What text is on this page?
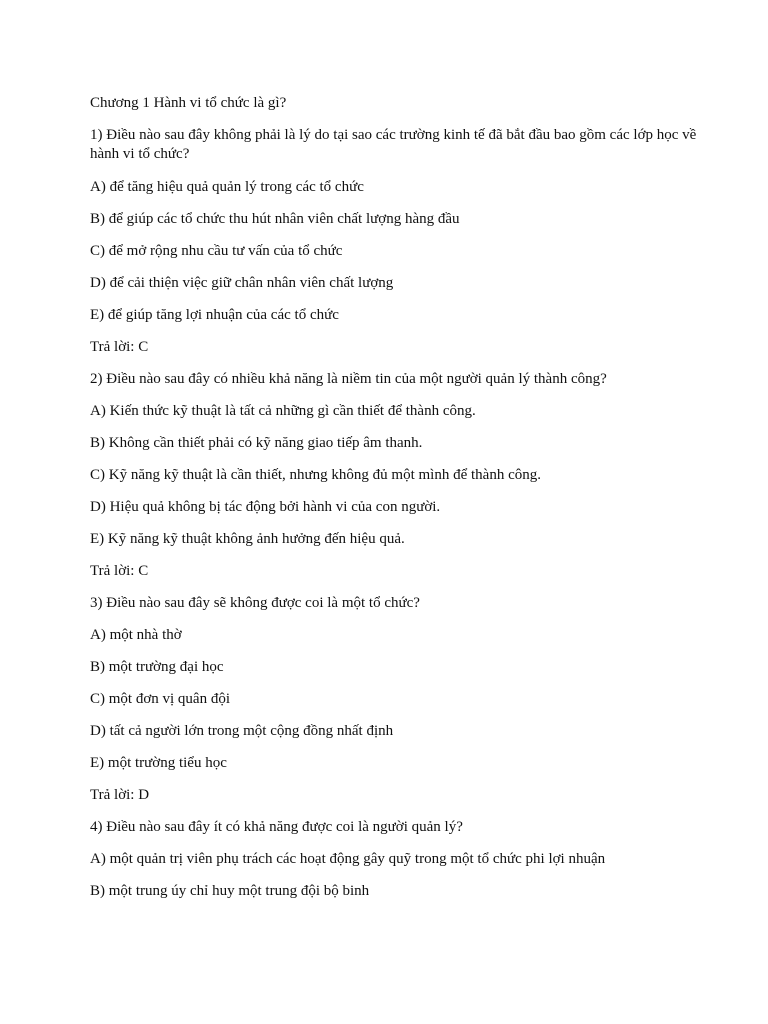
Chương 1 Hành vi tổ chức là gì?

1) Điều nào sau đây không phải là lý do tại sao các trường kinh tế đã bắt đầu bao gồm các lớp học về hành vi tổ chức?

A) để tăng hiệu quả quản lý trong các tổ chức

B) để giúp các tổ chức thu hút nhân viên chất lượng hàng đầu

C) để mở rộng nhu cầu tư vấn của tổ chức

D) để cải thiện việc giữ chân nhân viên chất lượng

E) để giúp tăng lợi nhuận của các tổ chức

Trả lời: C

2) Điều nào sau đây có nhiều khả năng là niềm tin của một người quản lý thành công?

A) Kiến thức kỹ thuật là tất cả những gì cần thiết để thành công.

B) Không cần thiết phải có kỹ năng giao tiếp âm thanh.

C) Kỹ năng kỹ thuật là cần thiết, nhưng không đủ một mình để thành công.

D) Hiệu quả không bị tác động bởi hành vi của con người.

E) Kỹ năng kỹ thuật không ảnh hưởng đến hiệu quả.

Trả lời: C

3) Điều nào sau đây sẽ không được coi là một tổ chức?

A) một nhà thờ

B) một trường đại học

C) một đơn vị quân đội

D) tất cả người lớn trong một cộng đồng nhất định

E) một trường tiểu học

Trả lời: D

4) Điều nào sau đây ít có khả năng được coi là người quản lý?

A) một quản trị viên phụ trách các hoạt động gây quỹ trong một tổ chức phi lợi nhuận

B) một trung úy chỉ huy một trung đội bộ binh
